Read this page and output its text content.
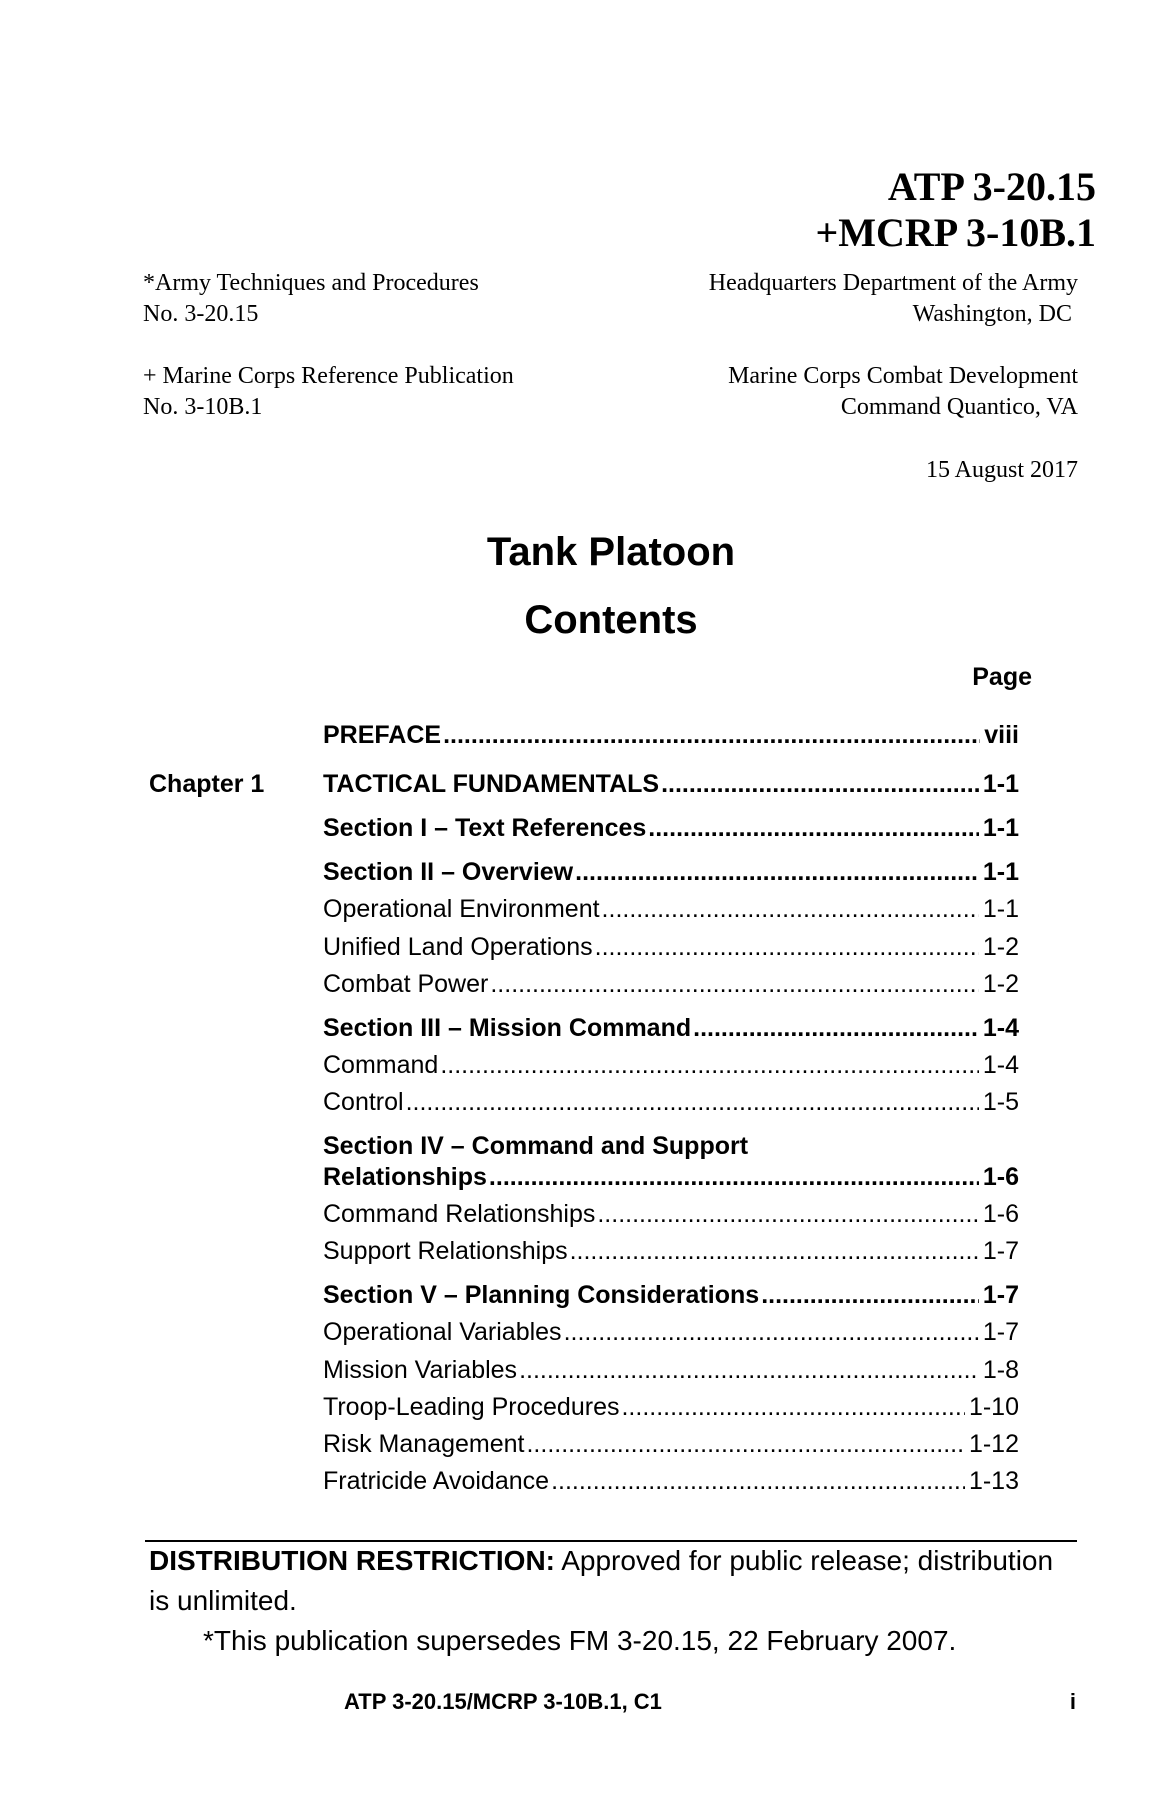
ATP 3-20.15
+MCRP 3-10B.1
*Army Techniques and Procedures
No. 3-20.15
Headquarters Department of the Army
Washington, DC
+ Marine Corps Reference Publication
No. 3-10B.1
Marine Corps Combat Development
Command Quantico, VA
15 August 2017
Tank Platoon
Contents
Page
PREFACE .....	viii
Chapter 1 TACTICAL FUNDAMENTALS .....	1-1
Section I – Text References .....	1-1
Section II – Overview .....	1-1
Operational Environment .....	1-1
Unified Land Operations .....	1-2
Combat Power .....	1-2
Section III – Mission Command .....	1-4
Command .....	1-4
Control .....	1-5
Section IV – Command and Support
Relationships .....	1-6
Command Relationships .....	1-6
Support Relationships .....	1-7
Section V – Planning Considerations .....	1-7
Operational Variables .....	1-7
Mission Variables .....	1-8
Troop-Leading Procedures .....	1-10
Risk Management .....	1-12
Fratricide Avoidance .....	1-13
DISTRIBUTION RESTRICTION: Approved for public release; distribution is unlimited.
*This publication supersedes FM 3-20.15, 22 February 2007.
ATP 3-20.15/MCRP 3-10B.1, C1	i
